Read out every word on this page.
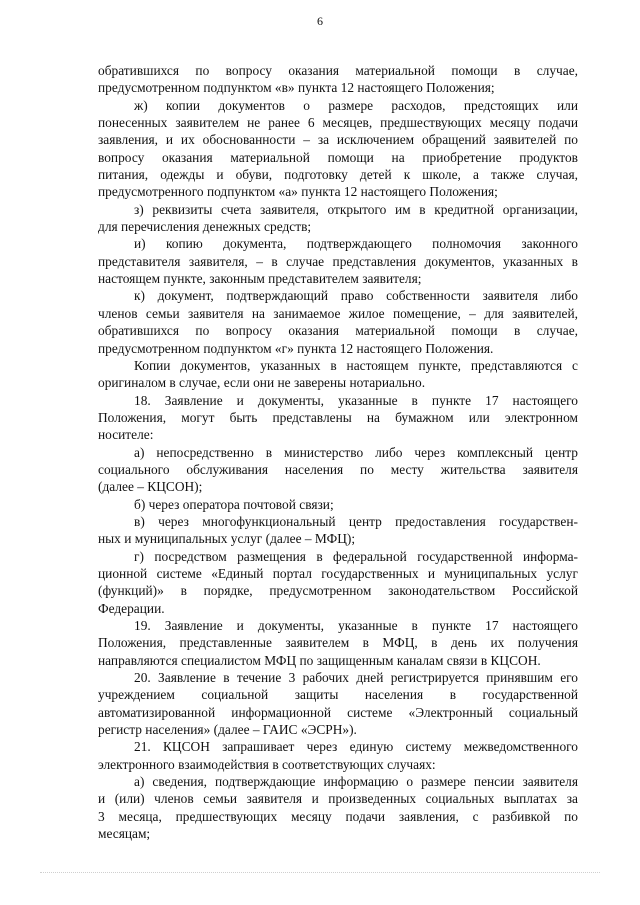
6
обратившихся по вопросу оказания материальной помощи в случае,
предусмотренном подпунктом «в» пункта 12 настоящего Положения;
ж) копии документов о размере расходов, предстоящих или
понесенных заявителем не ранее 6 месяцев, предшествующих месяцу подачи
заявления, и их обоснованности – за исключением обращений заявителей по
вопросу оказания материальной помощи на приобретение продуктов
питания, одежды и обуви, подготовку детей к школе, а также случая,
предусмотренного подпунктом «а» пункта 12 настоящего Положения;
з) реквизиты счета заявителя, открытого им в кредитной организации,
для перечисления денежных средств;
и) копию документа, подтверждающего полномочия законного
представителя заявителя, – в случае представления документов, указанных в
настоящем пункте, законным представителем заявителя;
к) документ, подтверждающий право собственности заявителя либо
членов семьи заявителя на занимаемое жилое помещение, – для заявителей,
обратившихся по вопросу оказания материальной помощи в случае,
предусмотренном подпунктом «г» пункта 12 настоящего Положения.
Копии документов, указанных в настоящем пункте, представляются с
оригиналом в случае, если они не заверены нотариально.
18. Заявление и документы, указанные в пункте 17 настоящего
Положения, могут быть представлены на бумажном или электронном
носителе:
а) непосредственно в министерство либо через комплексный центр
социального обслуживания населения по месту жительства заявителя
(далее – КЦСОН);
б) через оператора почтовой связи;
в) через многофункциональный центр предоставления государствен-
ных и муниципальных услуг (далее – МФЦ);
г) посредством размещения в федеральной государственной информа-
ционной системе «Единый портал государственных и муниципальных услуг
(функций)» в порядке, предусмотренном законодательством Российской
Федерации.
19. Заявление и документы, указанные в пункте 17 настоящего
Положения, представленные заявителем в МФЦ, в день их получения
направляются специалистом МФЦ по защищенным каналам связи в КЦСОН.
20. Заявление в течение 3 рабочих дней регистрируется принявшим его
учреждением социальной защиты населения в государственной
автоматизированной информационной системе «Электронный социальный
регистр населения» (далее – ГАИС «ЭСРН»).
21. КЦСОН запрашивает через единую систему межведомственного
электронного взаимодействия в соответствующих случаях:
а) сведения, подтверждающие информацию о размере пенсии заявителя
и (или) членов семьи заявителя и произведенных социальных выплатах за
3 месяца, предшествующих месяцу подачи заявления, с разбивкой по
месяцам;
